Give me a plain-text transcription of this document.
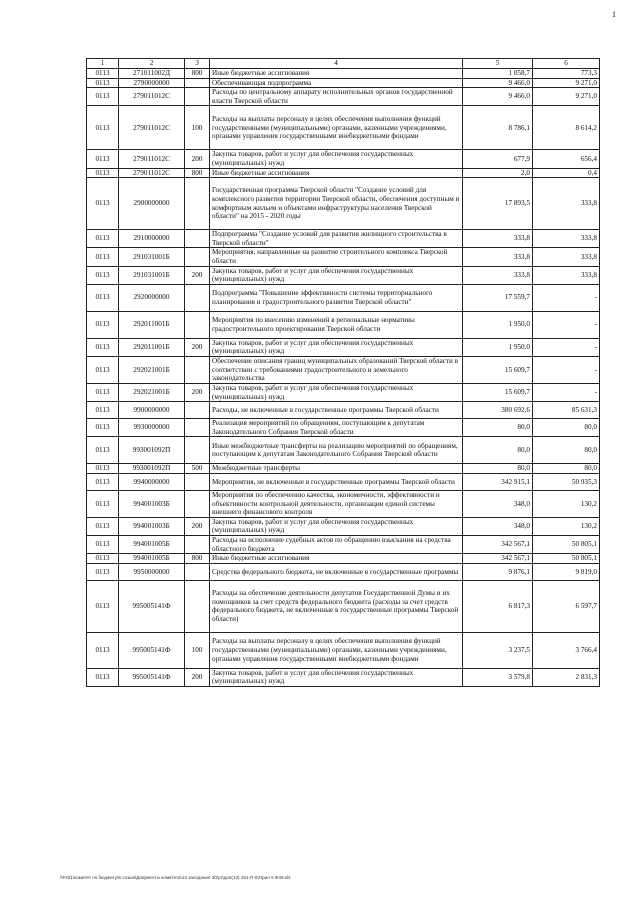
1
1	2	3	4	5	6
0113	271011002Д	800	Иные бюджетные ассигнования	1 058,7	773,3
0113	2790000000		Обеспечивающая подпрограмма	9 466,0	9 271,0
0113	279011012С		Расходы по центральному аппарату исполнительных органов государственной власти Тверской области	9 466,0	9 271,0
0113	279011012С	100	Расходы на выплаты персоналу в целях обеспечения выполнения функций государственными (муниципальными) органами, казенными учреждениями, органами управления государственными внебюджетными фондами	8 786,1	8 614,2
0113	279011012С	200	Закупка товаров, работ и услуг для обеспечения государственных (муниципальных) нужд	677,9	656,4
0113	279011012С	800	Иные бюджетные ассигнования	2,0	0,4
0113	2900000000		Государственная программа Тверской области "Создание условий для комплексного развития территории Тверской области, обеспечения доступным и комфортным жильем и объектами инфраструктуры населения Тверской области" на 2015 - 2020 годы	17 893,5	333,8
0113	2910000000		Подпрограмма "Создание условий для развития жилищного строительства в Тверской области"	333,8	333,8
0113	291031001Б		Мероприятия, направленные на развитие строительного комплекса Тверской области	333,8	333,8
0113	291031001Б	200	Закупка товаров, работ и услуг для обеспечения государственных (муниципальных) нужд	333,8	333,8
0113	2920000000		Подпрограмма "Повышение эффективности системы территориального планирования и градостроительного развития Тверской области"	17 559,7	-
0113	292011001Б		Мероприятия по внесению изменений в региональные нормативы градостроительного проектирования Тверской области	1 950,0	-
0113	292011001Б	200	Закупка товаров, работ и услуг для обеспечения государственных (муниципальных) нужд	1 950,0	-
0113	292021001Б		Обеспечение описания границ муниципальных образований Тверской области в соответствии с требованиями градостроительного и земельного законодательства	15 609,7	-
0113	292021001Б	200	Закупка товаров, работ и услуг для обеспечения государственных (муниципальных) нужд	15 609,7	-
0113	9900000000		Расходы, не включенные в государственные программы Тверской области	380 692,6	85 631,3
0113	9930000000		Реализация мероприятий по обращениям, поступающим к депутатам Законодательного Собрания Тверской области	80,0	80,0
0113	993001092П		Иные межбюджетные трансферты на реализацию мероприятий по обращениям, поступающим к депутатам Законодательного Собрания Тверской области	80,0	80,0
0113	993001092П	500	Межбюджетные трансферты	80,0	80,0
0113	9940000000		Мероприятия, не включенные в государственные программы Тверской области	342 915,1	50 935,3
0113	994001003Б		Мероприятия по обеспечению качества, экономичности, эффективности и объективности контрольной деятельности, организации единой системы внешнего финансового контроля	348,0	130,2
0113	994001003Б	200	Закупка товаров, работ и услуг для обеспечения государственных (муниципальных) нужд	348,0	130,2
0113	994001005Б		Расходы на исполнение судебных актов по обращению взыскания на средства областного бюджета	342 567,1	50 805,1
0113	994001005Б	800	Иные бюджетные ассигнования	342 567,1	50 805,1
0113	9950000000		Средства федерального бюджета, не включенные в государственные программы	9 876,1	9 819,0
0113	995005141Ф		Расходы на обеспечение деятельности депутатов Государственной Думы и их помощников за счет средств федерального бюджета (расходы за счет средств федерального бюджета, не включенные в государственные программы Тверской области)	6 817,3	6 597,7
0113	995005141Ф	100	Расходы на выплаты персоналу в целях обеспечения выполнения функций государственными (муниципальными) органами, казенными учреждениями, органами управления государственными внебюджетными фондами	3 237,5	3 766,4
0113	995005141Ф	200	Закупка товаров, работ и услуг для обеспечения государственных (муниципальных) нужд	3 579,8	2 831,3
\\Fs01\комитет по бюджету\6 созыв\Документы комитета\13 заседание 30\рг\доп(13) 281-П-6\Прил 5 Ф49.xls
